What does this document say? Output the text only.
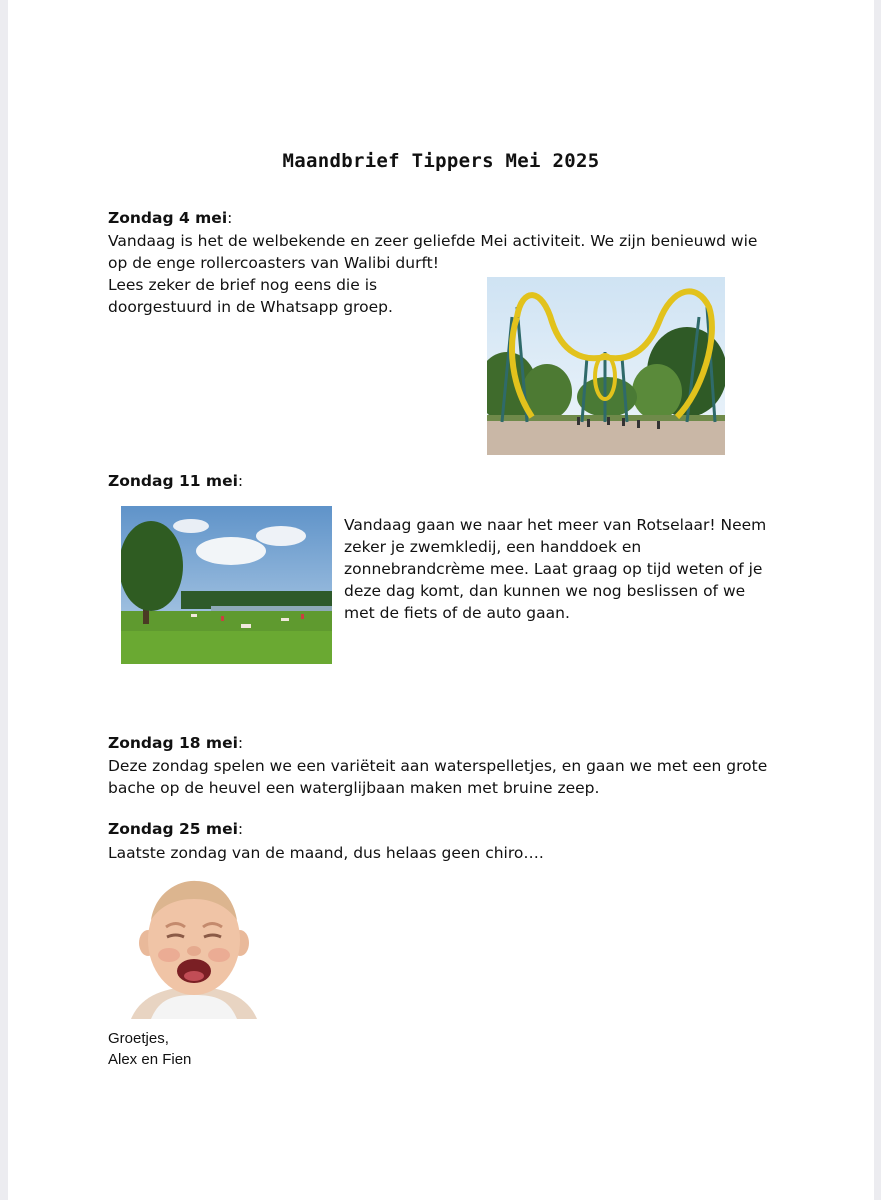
Maandbrief Tippers Mei 2025
Zondag 4 mei:
Vandaag is het de welbekende en zeer geliefde Mei activiteit. We zijn benieuwd wie
op de enge rollercoasters van Walibi durft!
Lees zeker de brief nog eens die is
doorgestuurd in de Whatsapp groep.
Zondag 11 mei:
Vandaag gaan we naar het meer van Rotselaar! Neem
zeker je zwemkledij, een handdoek en
zonnebrandcrème mee. Laat graag op tijd weten of je
deze dag komt, dan kunnen we nog beslissen of we
met de fiets of de auto gaan.
Zondag 18 mei:
Deze zondag spelen we een variëteit aan waterspelletjes, en gaan we met een grote
bache op de heuvel een waterglijbaan maken met bruine zeep.
Zondag 25 mei:
Laatste zondag van de maand, dus helaas geen chiro….
Groetjes,
Alex en Fien
